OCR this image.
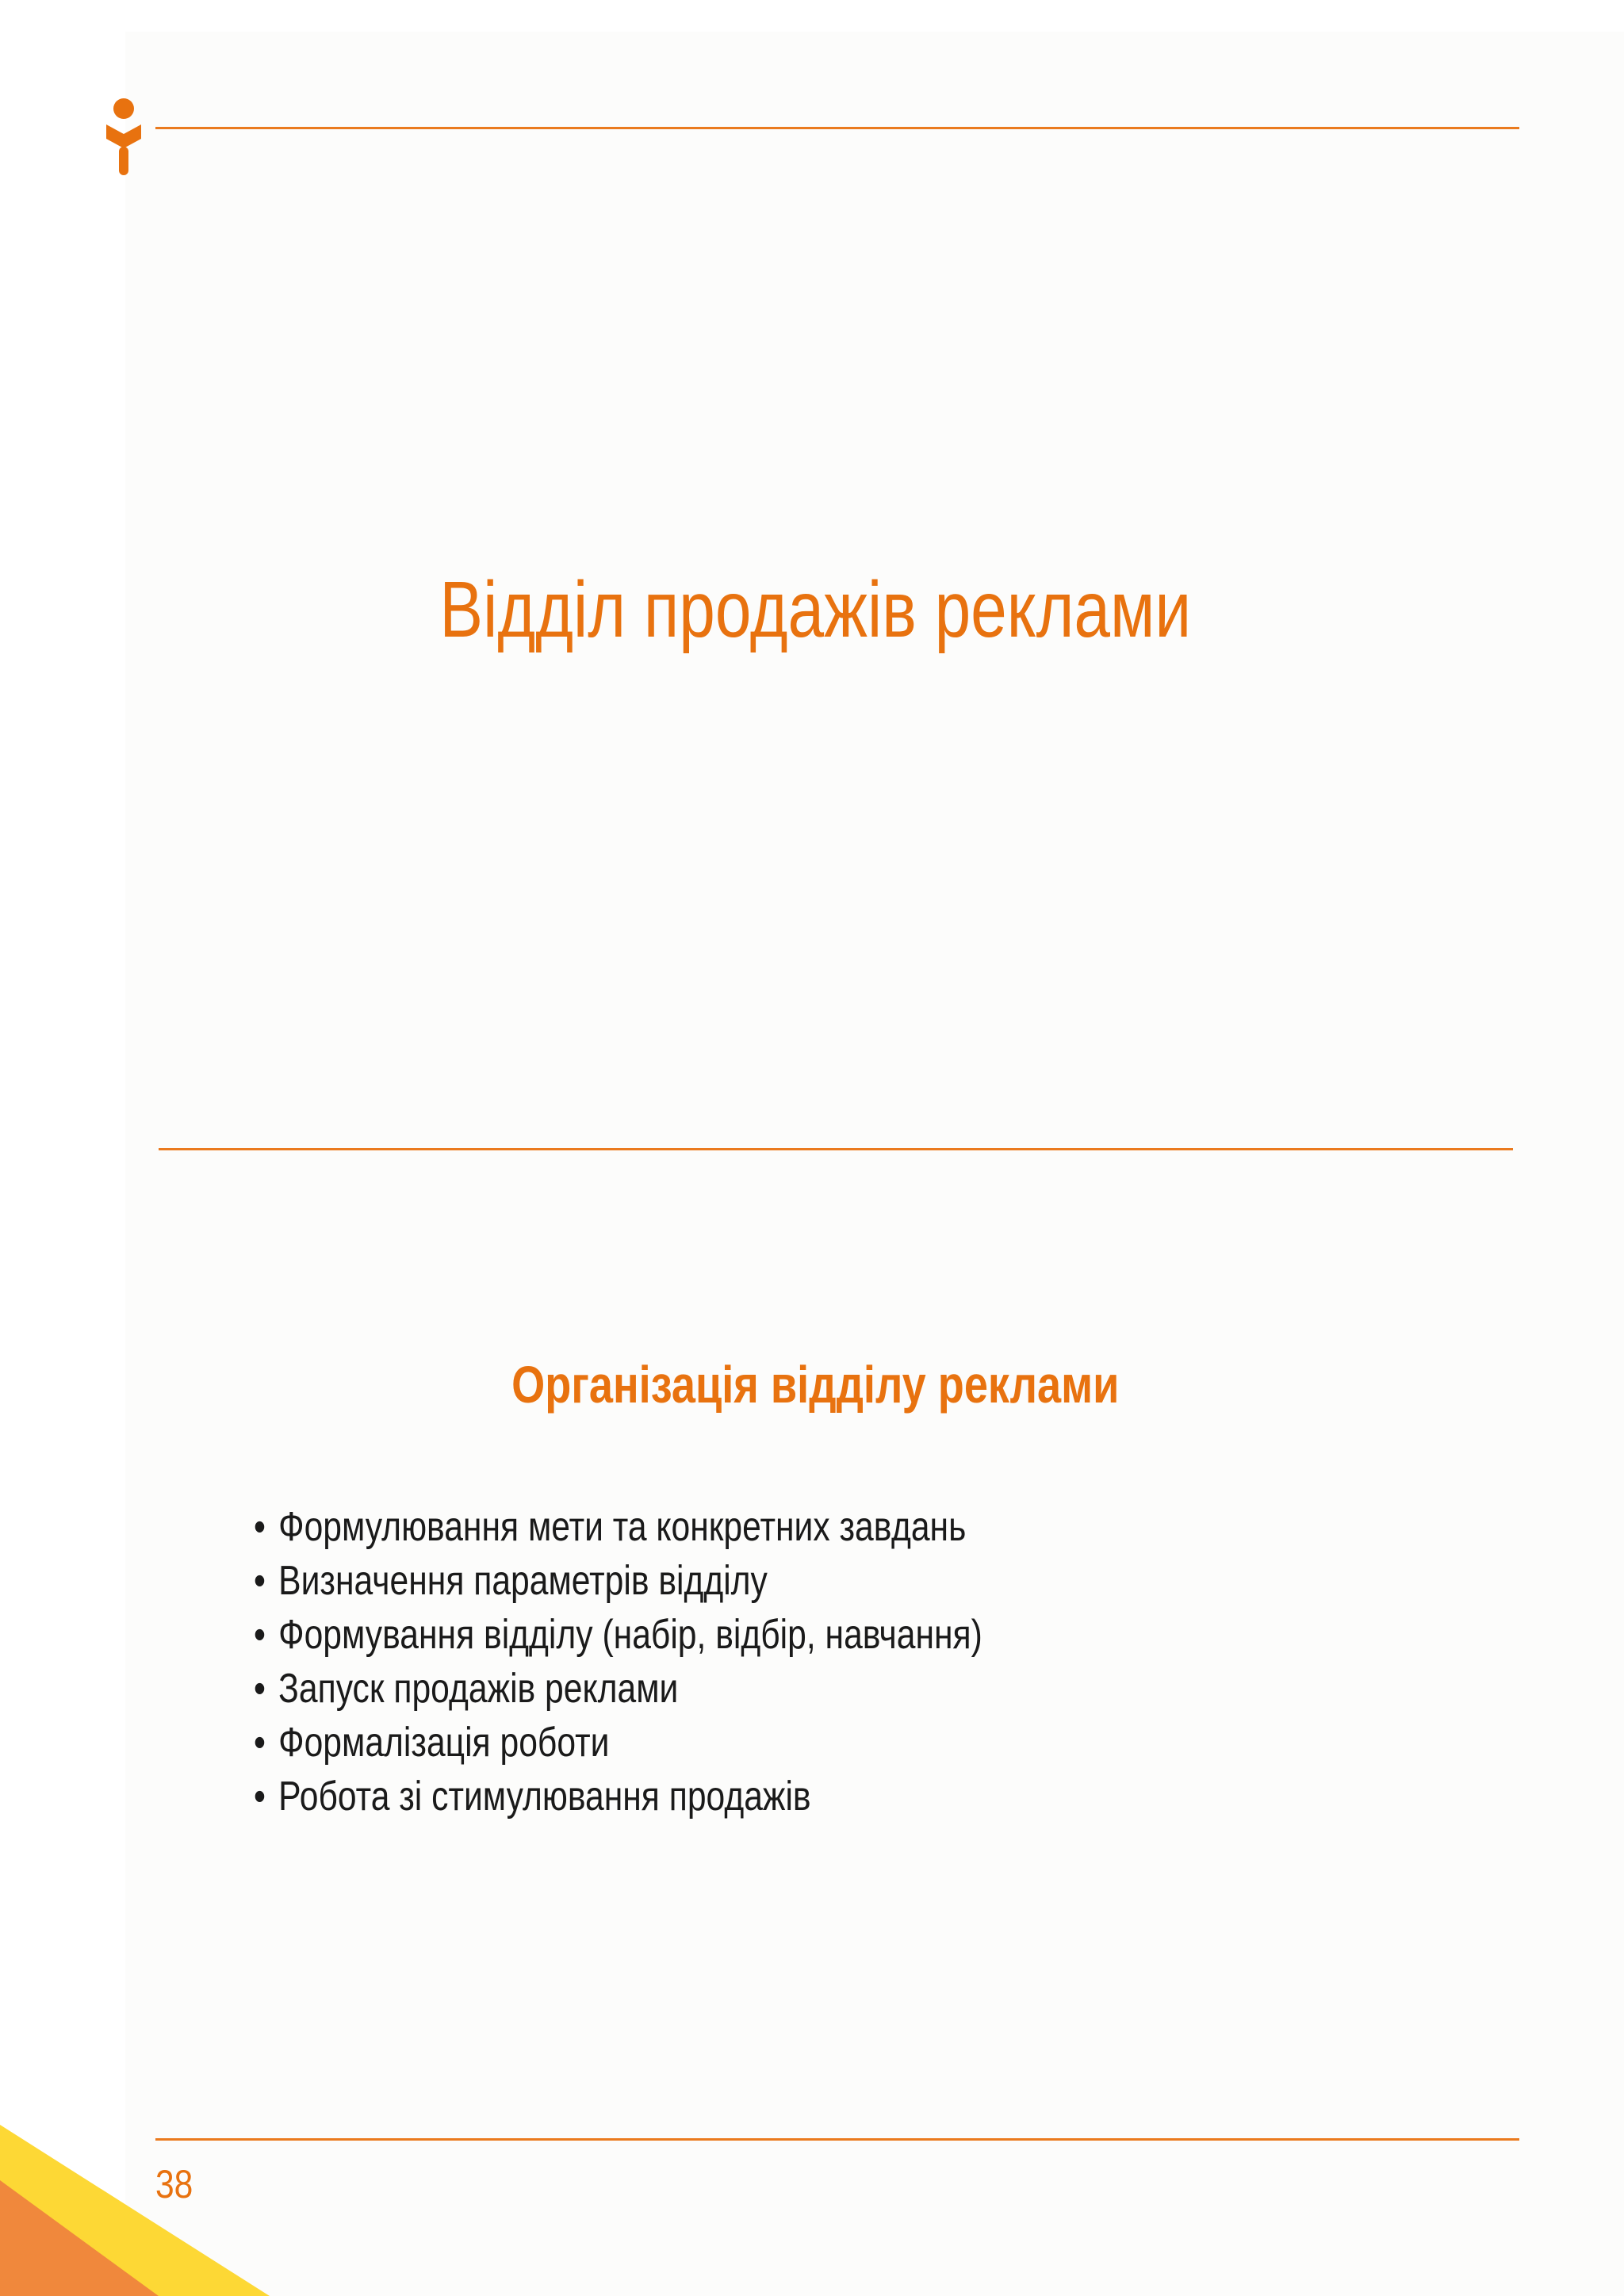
Відділ продажів реклами
Організація відділу реклами
• Формулювання мети та конкретних завдань
• Визначення параметрів відділу
• Формування відділу (набір, відбір, навчання)
• Запуск продажів реклами
• Формалізація роботи
• Робота зі стимулювання продажів
38
